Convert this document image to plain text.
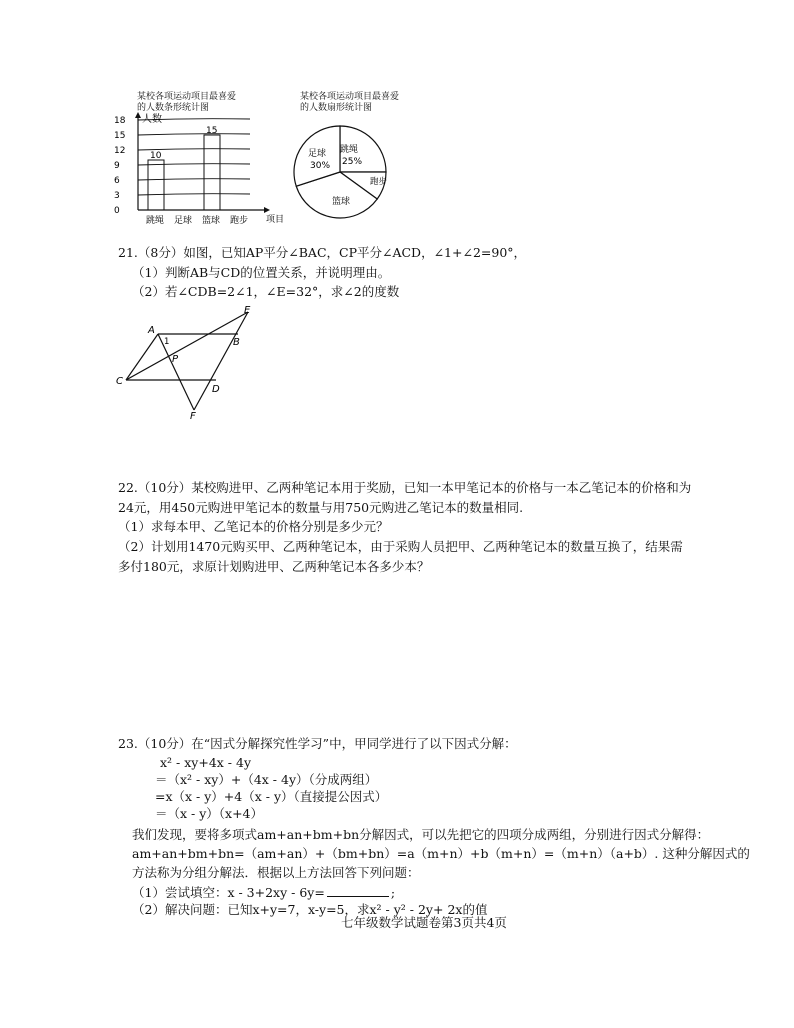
某校各项运动项目最喜爱
的人数条形统计图
0
3
6
9
12
15
18
10
15
跳绳 足球 篮球 跑步
人数
项目
某校各项运动项目最喜爱
的人数扇形统计图
跳绳
25%
足球
30%
篮球
跑步
21.（8分）如图，已知AP平分∠BAC，CP平分∠ACD，∠1+∠2=90°，
（1）判断AB与CD的位置关系，并说明理由。
（2）若∠CDB=2∠1，∠E=32°，求∠2的度数
A
B
C
D
E
F
P
1
22.（10分）某校购进甲、乙两种笔记本用于奖励，已知一本甲笔记本的价格与一本乙笔记本的价格和为
24元，用450元购进甲笔记本的数量与用750元购进乙笔记本的数量相同.
（1）求每本甲、乙笔记本的价格分别是多少元？
（2）计划用1470元购买甲、乙两种笔记本，由于采购人员把甲、乙两种笔记本的数量互换了，结果需
多付180元，求原计划购进甲、乙两种笔记本各多少本？
23.（10分）在“因式分解探究性学习”中，甲同学进行了以下因式分解：
x² - xy+4x - 4y
＝（x² - xy）+（4x - 4y）（分成两组）
=x（x - y）+4（x - y）（直接提公因式）
＝（x - y）（x+4）
我们发现，要将多项式am+an+bm+bn分解因式，可以先把它的四项分成两组，分别进行因式分解得：
am+an+bm+bn=（am+an）+（bm+bn）=a（m+n）+b（m+n）=（m+n）（a+b）. 这种分解因式的
方法称为分组分解法．根据以上方法回答下列问题：
（1）尝试填空：x - 3+2xy - 6y=	;
（2）解决问题：已知x+y=7，x-y=5，求x² - y² - 2y+ 2x的值
七年级数学试题卷第3页共4页
